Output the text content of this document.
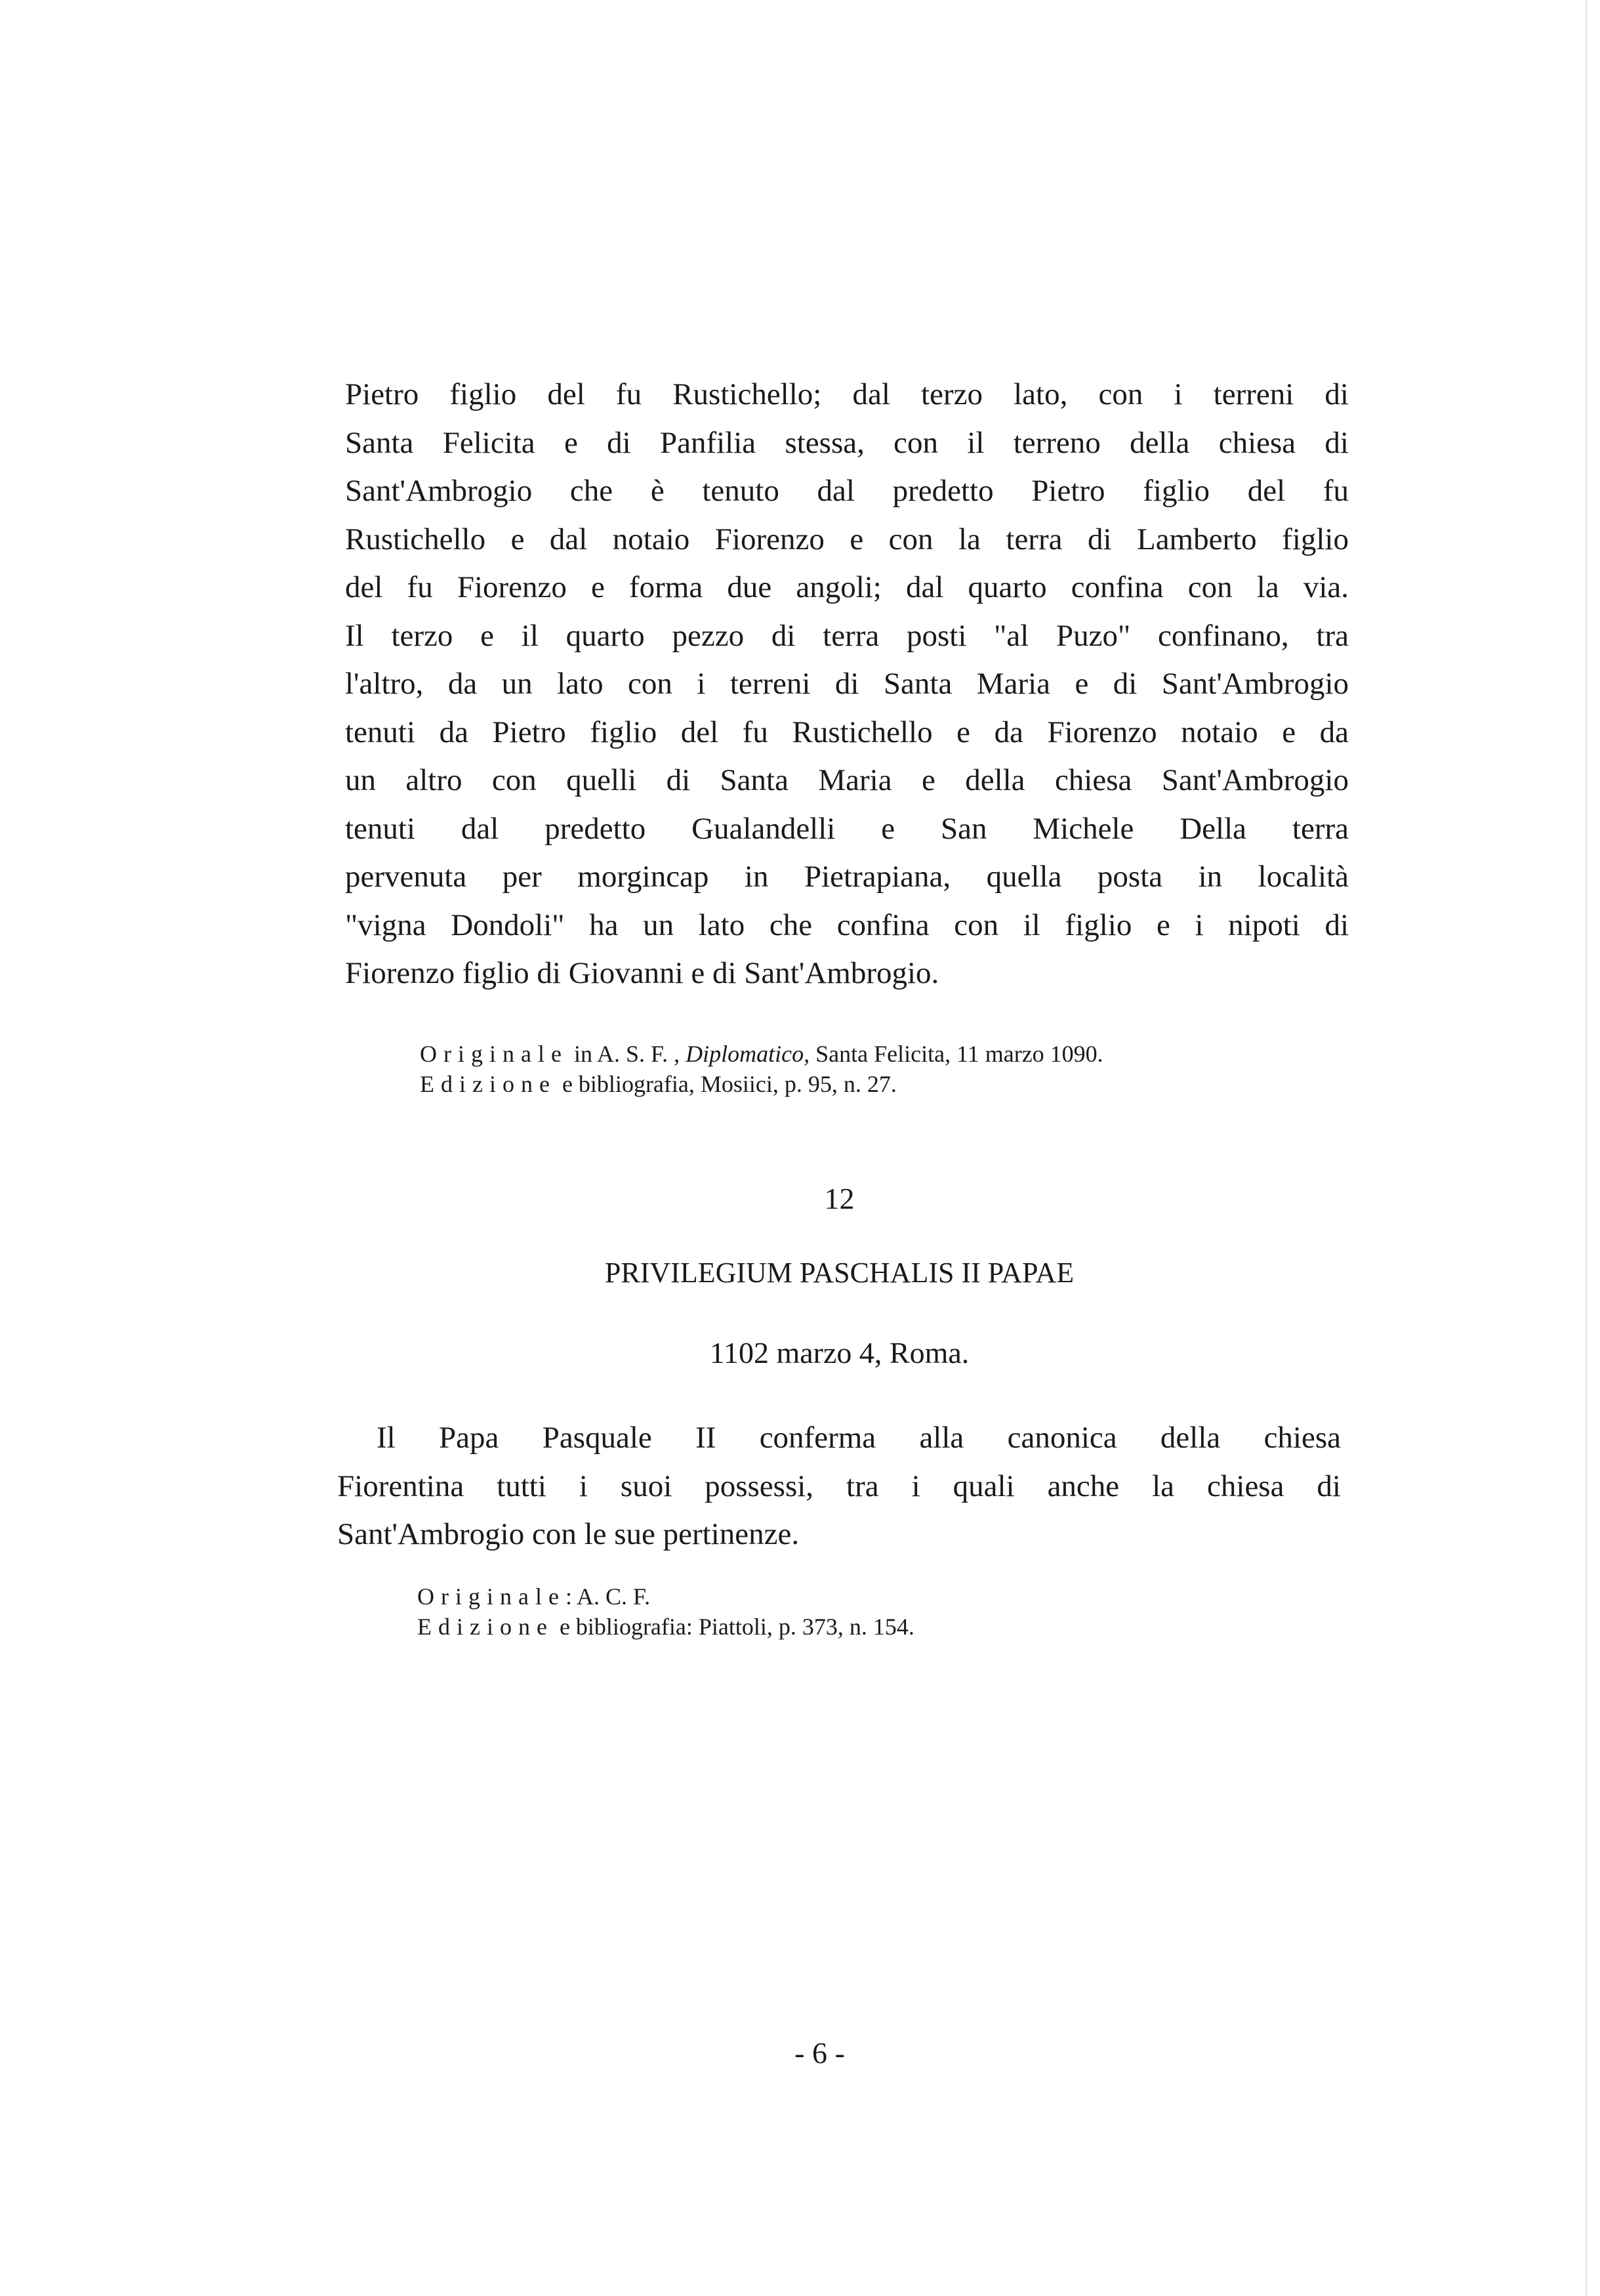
Pietro figlio del fu Rustichello; dal terzo lato, con i terreni di
Santa Felicita e di Panfilia stessa, con il terreno della chiesa di
Sant'Ambrogio che è tenuto dal predetto Pietro figlio del fu
Rustichello e dal notaio Fiorenzo e con la terra di Lamberto figlio
del fu Fiorenzo e forma due angoli; dal quarto confina con la via.
Il terzo e il quarto pezzo di terra posti "al Puzo" confinano, tra
l'altro, da un lato con i terreni di Santa Maria e di Sant'Ambrogio
tenuti da Pietro figlio del fu Rustichello e da Fiorenzo notaio e da
un altro con quelli di Santa Maria e della chiesa Sant'Ambrogio
tenuti dal predetto Gualandelli e San Michele Della terra
pervenuta per morgincap in Pietrapiana, quella posta in località
"vigna Dondoli" ha un lato che confina con il figlio e i nipoti di
Fiorenzo figlio di Giovanni e di Sant'Ambrogio.
Originale in A. S. F. , Diplomatico, Santa Felicita, 11 marzo 1090.
Edizione e bibliografia, Mosiici, p. 95, n. 27.
12
PRIVILEGIUM PASCHALIS II PAPAE
1102 marzo 4, Roma.
Il Papa Pasquale II conferma alla canonica della chiesa
Fiorentina tutti i suoi possessi, tra i quali anche la chiesa di
Sant'Ambrogio con le sue pertinenze.
Originale: A. C. F.
Edizione e bibliografia: Piattoli, p. 373, n. 154.
- 6 -
